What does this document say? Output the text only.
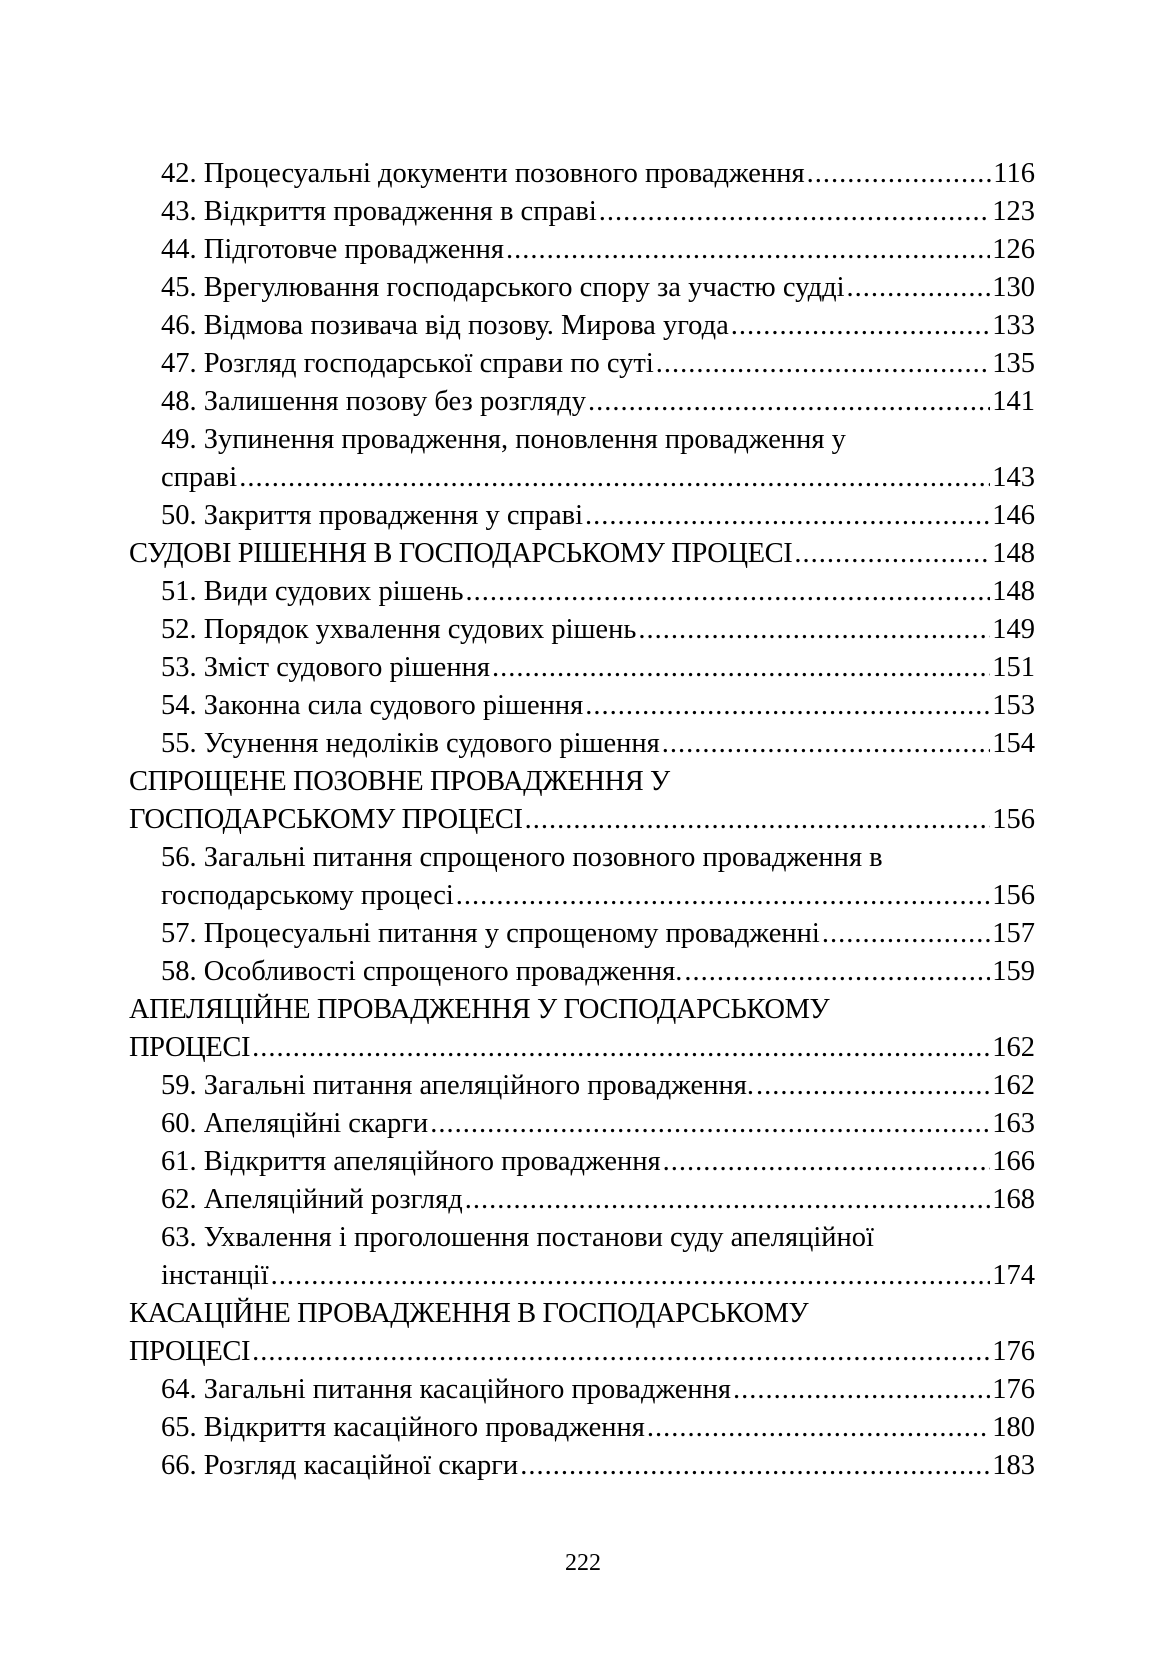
42.
Процесуальні документи позовного провадження .....	116
43.
Відкриття провадження в справі .....	123
44.
Підготовче провадження .....	126
45.
Врегулювання господарського спору за участю судді .....	130
46.
Відмова позивача від позову. Мирова угода .....	133
47.
Розгляд господарської справи по суті .....	135
48.
Залишення позову без розгляду .....	141
49. Зупинення провадження, поновлення провадження у
справі .....	143
50.
Закриття провадження у справі .....	146
СУДОВІ РІШЕННЯ В ГОСПОДАРСЬКОМУ ПРОЦЕСІ .....	148
51.
Види судових рішень .....	148
52.
Порядок ухвалення судових рішень .....	149
53.
Зміст судового рішення .....	151
54.
Законна сила судового рішення .....	153
55.
Усунення недоліків судового рішення .....	154
СПРОЩЕНЕ ПОЗОВНЕ ПРОВАДЖЕННЯ У
ГОСПОДАРСЬКОМУ ПРОЦЕСІ .....	156
56. Загальні питання спрощеного позовного провадження в
господарському процесі .....	156
57.
Процесуальні питання у спрощеному провадженні .....	157
58.
Особливості спрощеного провадження. .....	159
АПЕЛЯЦІЙНЕ ПРОВАДЖЕННЯ У ГОСПОДАРСЬКОМУ
ПРОЦЕСІ .....	162
59.
Загальні питання апеляційного провадження. .....	162
60.
Апеляційні скарги .....	163
61.
Відкриття апеляційного провадження .....	166
62.
Апеляційний розгляд .....	168
63. Ухвалення і проголошення постанови суду апеляційної
інстанції .....	174
КАСАЦІЙНЕ ПРОВАДЖЕННЯ В ГОСПОДАРСЬКОМУ
ПРОЦЕСІ .....	176
64.
Загальні питання касаційного провадження .....	176
65.
Відкриття касаційного провадження .....	180
66.
Розгляд касаційної скарги .....	183
222
